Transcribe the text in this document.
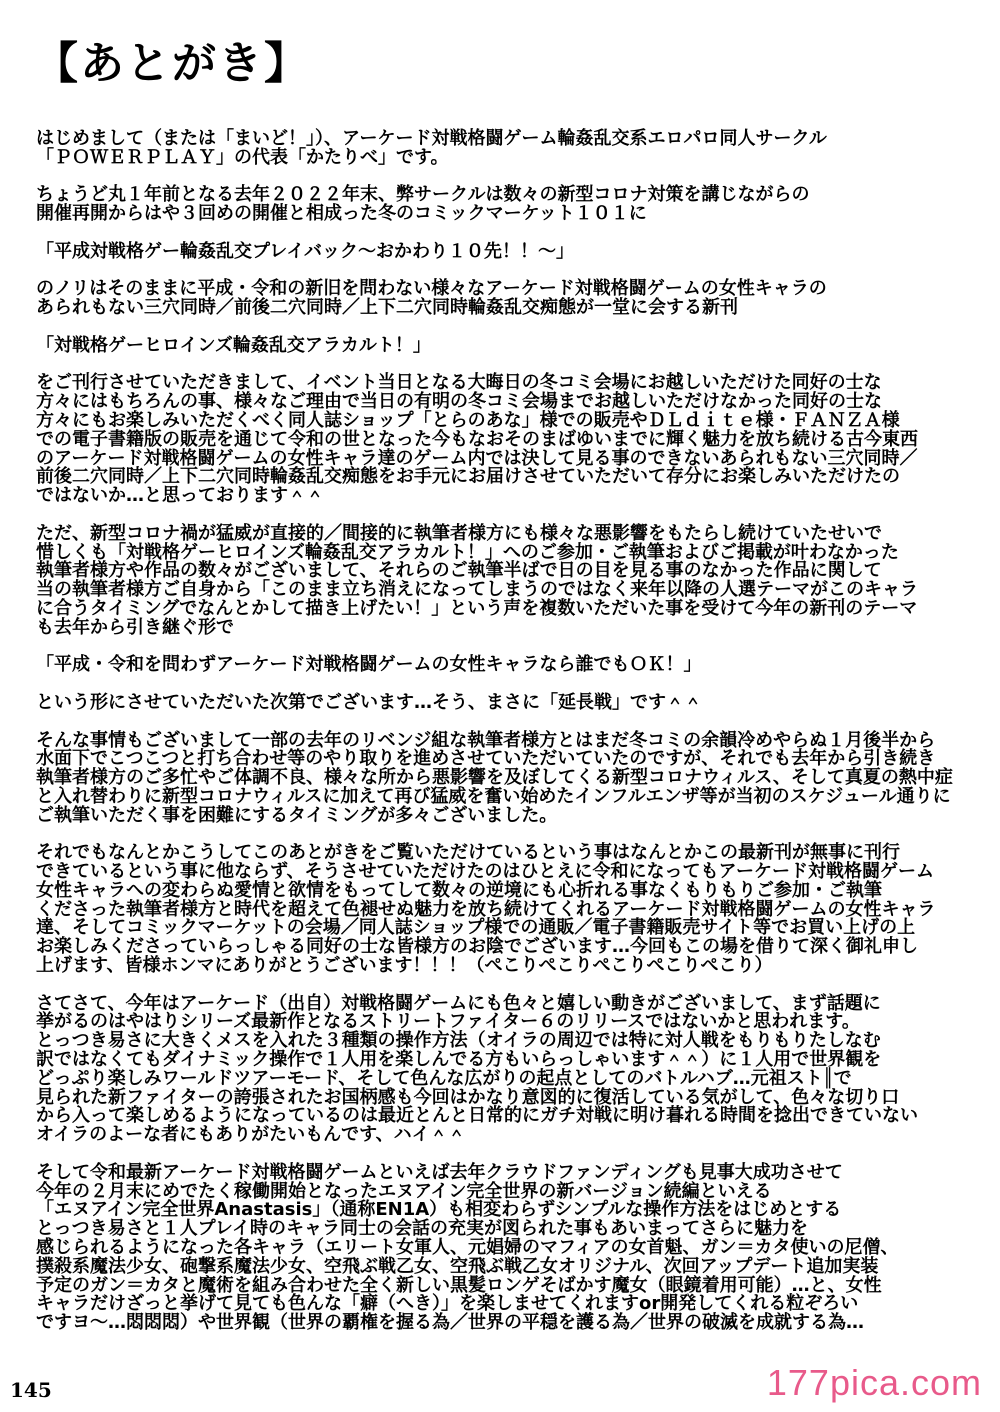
【あとがき】
はじめまして（または「まいど！」）、アーケード対戦格闘ゲーム輪姦乱交系エロパロ同人サークル
「ＰＯＷＥＲＰＬＡＹ」の代表「かたりべ」です。
ちょうど丸１年前となる去年２０２２年末、弊サークルは数々の新型コロナ対策を講じながらの
開催再開からはや３回めの開催と相成った冬のコミックマーケット１０１に
「平成対戦格ゲー輪姦乱交プレイバック～おかわり１０先！！～」
のノリはそのままに平成・令和の新旧を問わない様々なアーケード対戦格闘ゲームの女性キャラの
あられもない三穴同時／前後二穴同時／上下二穴同時輪姦乱交痴態が一堂に会する新刊
「対戦格ゲーヒロインズ輪姦乱交アラカルト！」
をご刊行させていただきまして、イベント当日となる大晦日の冬コミ会場にお越しいただけた同好の士な
方々にはもちろんの事、様々なご理由で当日の有明の冬コミ会場までお越しいただけなかった同好の士な
方々にもお楽しみいただくべく同人誌ショップ「とらのあな」様での販売やＤＬｄｉｔｅ様・ＦＡＮＺＡ様
での電子書籍版の販売を通じて令和の世となった今もなおそのまばゆいまでに輝く魅力を放ち続ける古今東西
のアーケード対戦格闘ゲームの女性キャラ達のゲーム内では決して見る事のできないあられもない三穴同時／
前後二穴同時／上下二穴同時輪姦乱交痴態をお手元にお届けさせていただいて存分にお楽しみいただけたの
ではないか…と思っております＾＾
ただ、新型コロナ禍が猛威が直接的／間接的に執筆者様方にも様々な悪影響をもたらし続けていたせいで
惜しくも「対戦格ゲーヒロインズ輪姦乱交アラカルト！」へのご参加・ご執筆およびご掲載が叶わなかった
執筆者様方や作品の数々がございまして、それらのご執筆半ばで日の目を見る事のなかった作品に関して
当の執筆者様方ご自身から「このまま立ち消えになってしまうのではなく来年以降の人選テーマがこのキャラ
に合うタイミングでなんとかして描き上げたい！」という声を複数いただいた事を受けて今年の新刊のテーマ
も去年から引き継ぐ形で
「平成・令和を問わずアーケード対戦格闘ゲームの女性キャラなら誰でもＯＫ！」
という形にさせていただいた次第でございます…そう、まさに「延長戦」です＾＾
そんな事情もございまして一部の去年のリベンジ組な執筆者様方とはまだ冬コミの余韻冷めやらぬ１月後半から
水面下でこつこつと打ち合わせ等のやり取りを進めさせていただいていたのですが、それでも去年から引き続き
執筆者様方のご多忙やご体調不良、様々な所から悪影響を及ぼしてくる新型コロナウィルス、そして真夏の熱中症
と入れ替わりに新型コロナウィルスに加えて再び猛威を奮い始めたインフルエンザ等が当初のスケジュール通りに
ご執筆いただく事を困難にするタイミングが多々ございました。
それでもなんとかこうしてこのあとがきをご覧いただけているという事はなんとかこの最新刊が無事に刊行
できているという事に他ならず、そうさせていただけたのはひとえに令和になってもアーケード対戦格闘ゲーム
女性キャラへの変わらぬ愛情と欲情をもってして数々の逆境にも心折れる事なくもりもりご参加・ご執筆
くださった執筆者様方と時代を超えて色褪せぬ魅力を放ち続けてくれるアーケード対戦格闘ゲームの女性キャラ
達、そしてコミックマーケットの会場／同人誌ショップ様での通販／電子書籍販売サイト等でお買い上げの上
お楽しみくださっていらっしゃる同好の士な皆様方のお陰でございます…今回もこの場を借りて深く御礼申し
上げます、皆様ホンマにありがとうございます！！！（ぺこりぺこりぺこりぺこりぺこり）
さてさて、今年はアーケード（出自）対戦格闘ゲームにも色々と嬉しい動きがございまして、まず話題に
挙がるのはやはりシリーズ最新作となるストリートファイター６のリリースではないかと思われます。
とっつき易さに大きくメスを入れた３種類の操作方法（オイラの周辺では特に対人戦をもりもりたしなむ
訳ではなくてもダイナミック操作で１人用を楽しんでる方もいらっしゃいます＾＾）に１人用で世界観を
どっぷり楽しみワールドツアーモード、そして色んな広がりの起点としてのバトルハブ…元祖スト║で
見られた新ファイターの誇張されたお国柄感も今回はかなり意図的に復活している気がして、色々な切り口
から入って楽しめるようになっているのは最近とんと日常的にガチ対戦に明け暮れる時間を捻出できていない
オイラのよーな者にもありがたいもんです、ハイ＾＾
そして令和最新アーケード対戦格闘ゲームといえば去年クラウドファンディングも見事大成功させて
今年の２月末にめでたく稼働開始となったエヌアイン完全世界の新バージョン続編といえる
「エヌアイン完全世界Anastasis」（通称EN1A）も相変わらずシンプルな操作方法をはじめとする
とっつき易さと１人プレイ時のキャラ同士の会話の充実が図られた事もあいまってさらに魅力を
感じられるようになった各キャラ（エリート女軍人、元娼婦のマフィアの女首魁、ガン＝カタ使いの尼僧、
撲殺系魔法少女、砲撃系魔法少女、空飛ぶ戦乙女、空飛ぶ戦乙女オリジナル、次回アップデート追加実装
予定のガン＝カタと魔術を組み合わせた全く新しい黒髪ロンゲそばかす魔女（眼鏡着用可能）…と、女性
キャラだけざっと挙げて見ても色んな「癖（へき）」を楽しませてくれますor開発してくれる粒ぞろい
ですヨ～…悶悶悶）や世界観（世界の覇権を握る為／世界の平穏を護る為／世界の破滅を成就する為…
145	177pica.com
